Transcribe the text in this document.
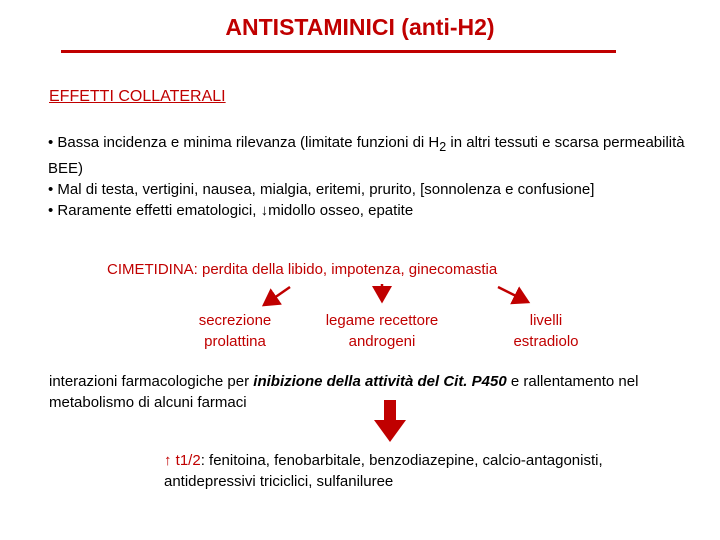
ANTISTAMINICI (anti-H2)
EFFETTI COLLATERALI

• Bassa incidenza e minima rilevanza (limitate funzioni di $H_2$ in altri tessuti e scarsa permeabilità BEE)

• Mal di testa, vertigini, nausea, mialgia, eritemi, prurito, [sonnolenza e confusione]

• Raramente effetti ematologici, ↓midollo osseo, epatite

CIMETIDINA: perdita della libido, impotenza, ginecomastia
secrezione
prolattina
legame recettore
androgeni
livelli
estradiolo
interazioni farmacologiche per inibizione della attività del Cit. P450 e rallentamento nel metabolismo di alcuni farmaci
↑ t1/2: fenitoina, fenobarbitale, benzodiazepine, calcio-antagonisti, antidepressivi triciclici, sulfaniluree
